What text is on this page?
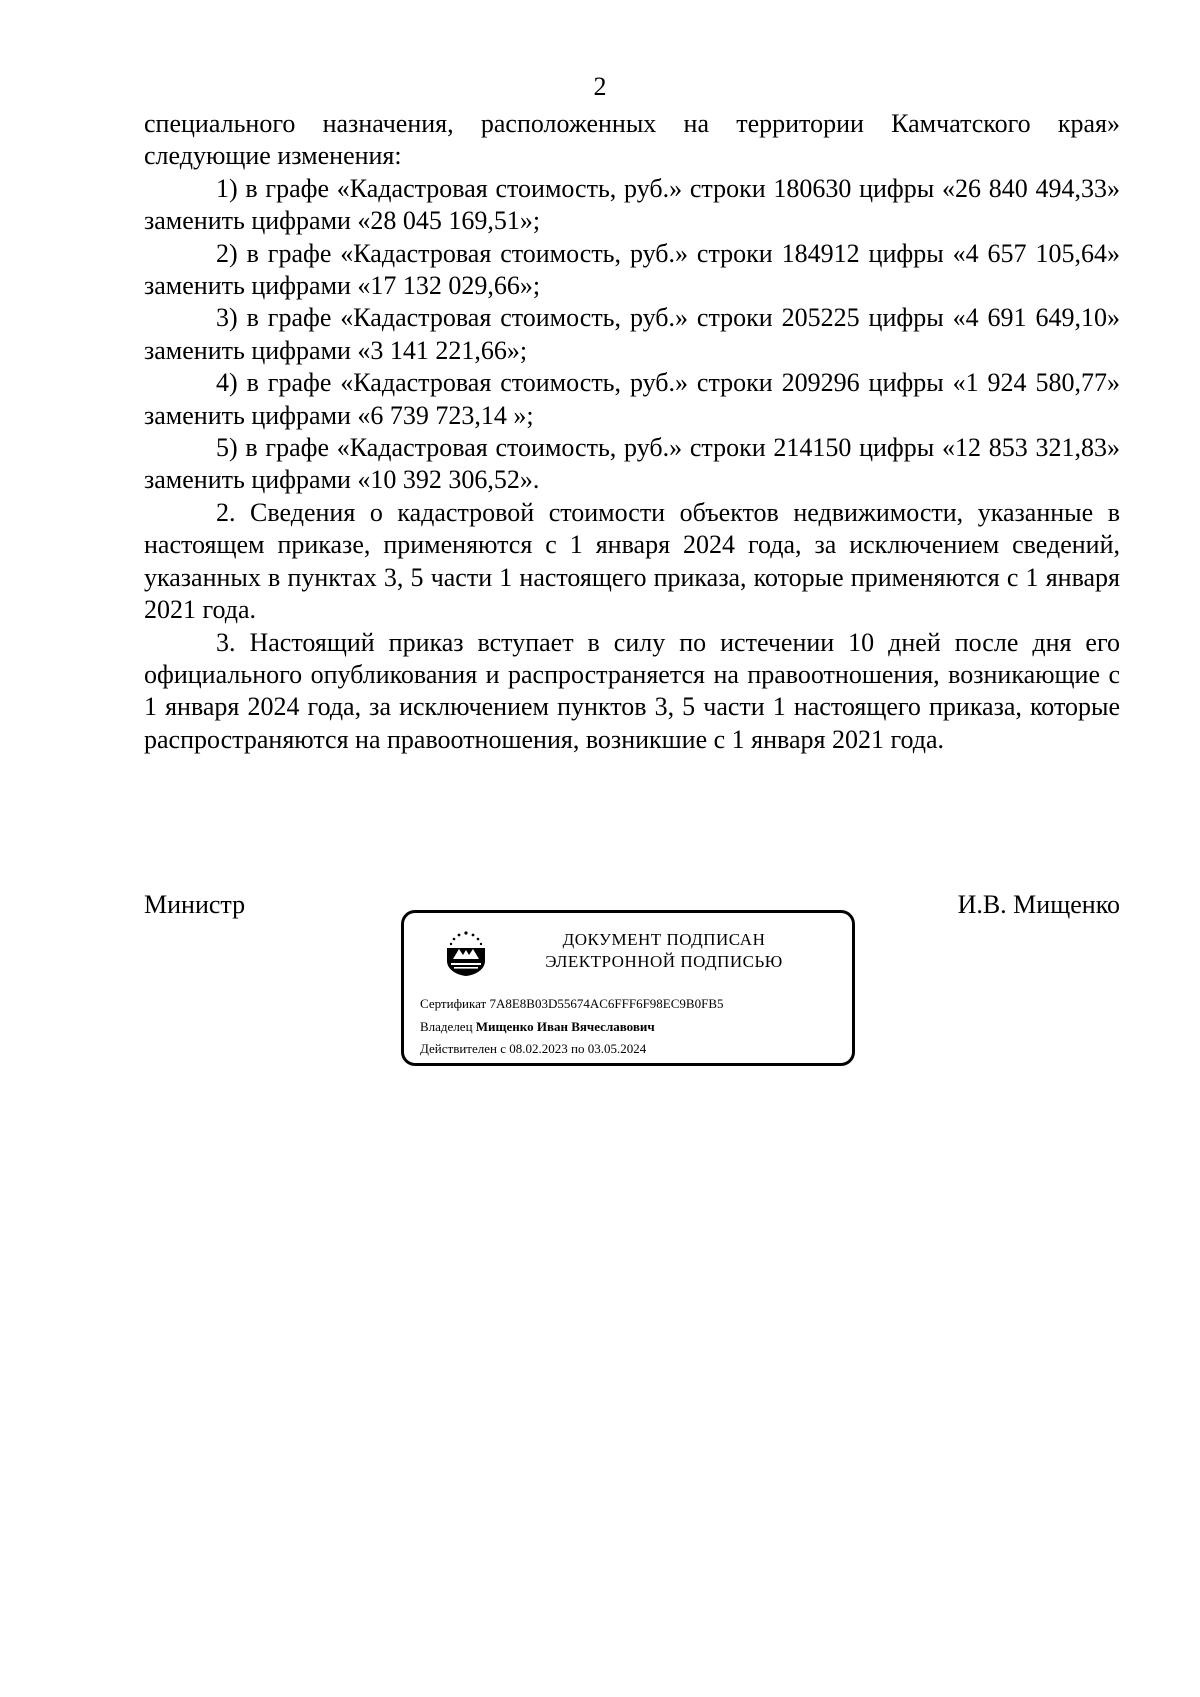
2

специального назначения, расположенных на территории Камчатского края» следующие изменения:

1) в графе «Кадастровая стоимость, руб.» строки 180630 цифры «26 840 494,33» заменить цифрами «28 045 169,51»;

2) в графе «Кадастровая стоимость, руб.» строки 184912 цифры «4 657 105,64» заменить цифрами «17 132 029,66»;

3) в графе «Кадастровая стоимость, руб.» строки 205225 цифры «4 691 649,10» заменить цифрами «3 141 221,66»;

4) в графе «Кадастровая стоимость, руб.» строки 209296 цифры «1 924 580,77» заменить цифрами «6 739 723,14 »;

5) в графе «Кадастровая стоимость, руб.» строки 214150 цифры «12 853 321,83» заменить цифрами «10 392 306,52».

2. Сведения о кадастровой стоимости объектов недвижимости, указанные в настоящем приказе, применяются с 1 января 2024 года, за исключением сведений, указанных в пунктах 3, 5 части 1 настоящего приказа, которые применяются с 1 января 2021 года.

3. Настоящий приказ вступает в силу по истечении 10 дней после дня его официального опубликования и распространяется на правоотношения, возникающие с 1 января 2024 года, за исключением пунктов 3, 5 части 1 настоящего приказа, которые распространяются на правоотношения, возникшие с 1 января 2021 года.

Министр	И.В. Мищенко
ДОКУМЕНТ ПОДПИСАН
ЭЛЕКТРОННОЙ ПОДПИСЬЮ
Сертификат 7A8E8B03D55674AC6FFF6F98EC9B0FB5
Владелец Мищенко Иван Вячеславович
Действителен с 08.02.2023 по 03.05.2024
